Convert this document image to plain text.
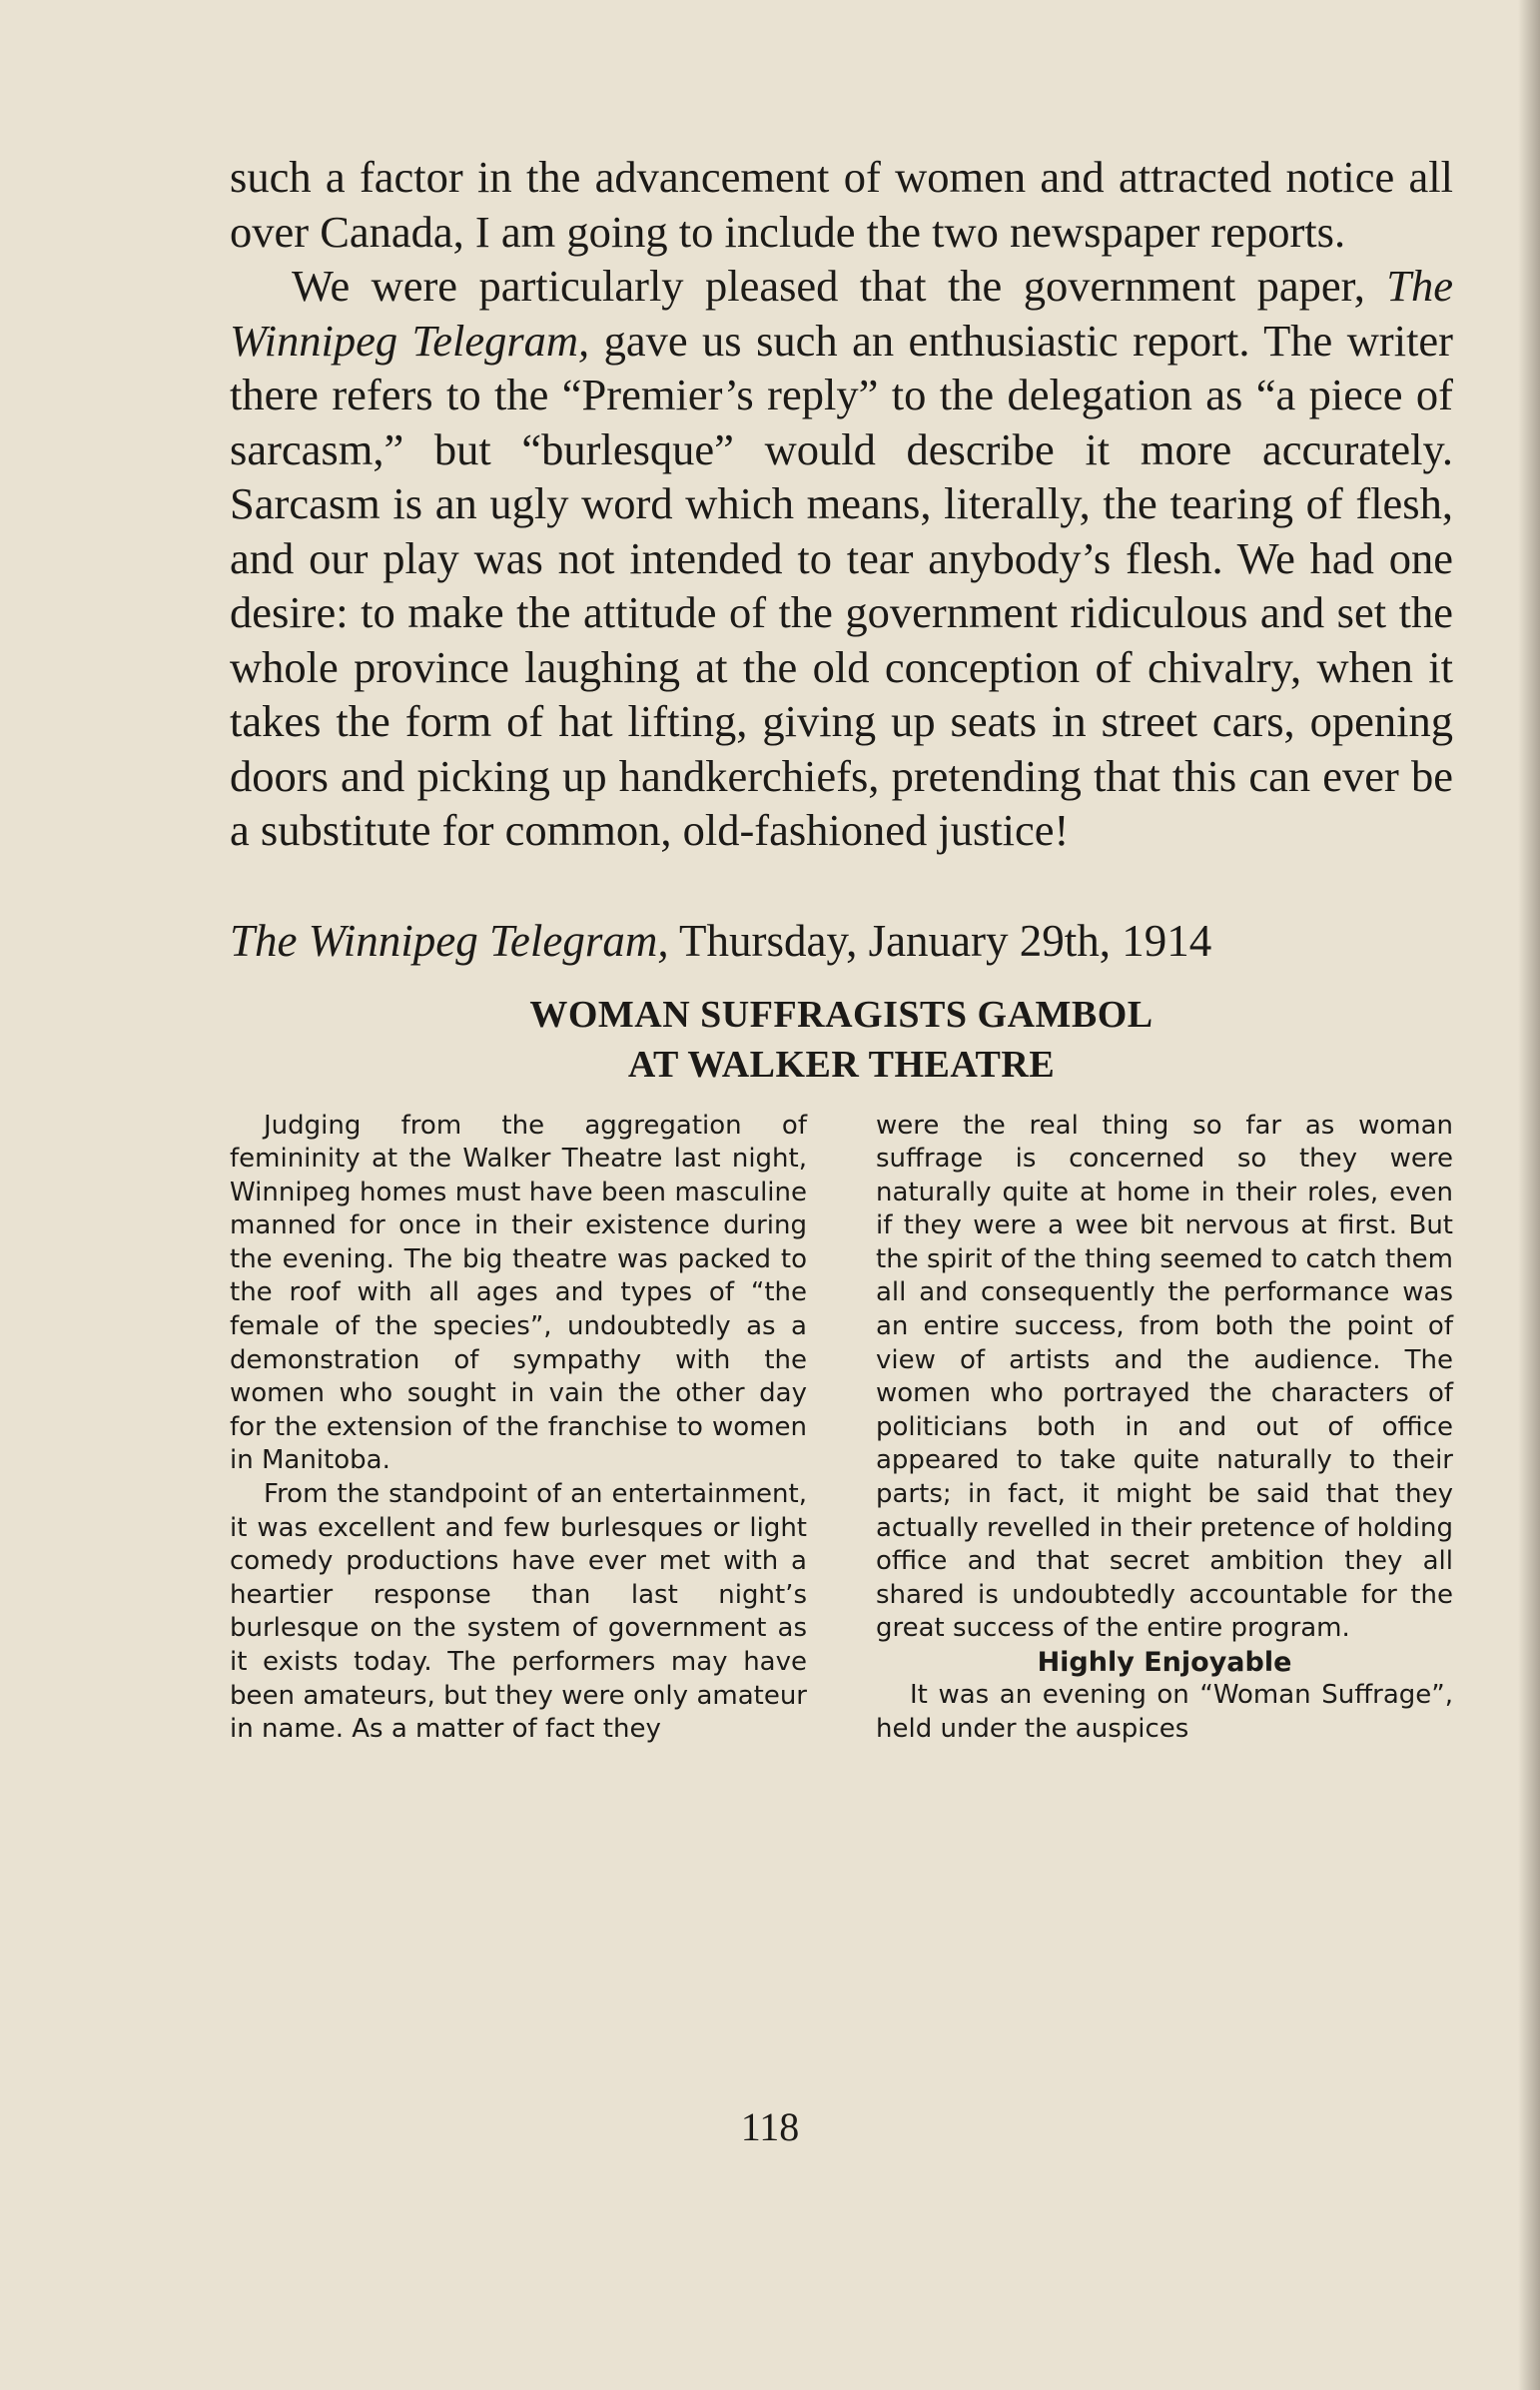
such a factor in the advancement of women and attracted notice all over Canada, I am going to include the two newspaper reports.

We were particularly pleased that the government paper, The Winnipeg Telegram, gave us such an enthusiastic report. The writer there refers to the “Premier’s reply” to the delegation as “a piece of sarcasm,” but “burlesque” would describe it more accurately. Sarcasm is an ugly word which means, literally, the tearing of flesh, and our play was not intended to tear anybody’s flesh. We had one desire: to make the attitude of the government ridiculous and set the whole province laughing at the old conception of chivalry, when it takes the form of hat lifting, giving up seats in street cars, opening doors and picking up handkerchiefs, pretending that this can ever be a substitute for common, old-fashioned justice!

The Winnipeg Telegram, Thursday, January 29th, 1914
WOMAN SUFFRAGISTS GAMBOL
AT WALKER THEATRE

Judging from the aggregation of femininity at the Walker Theatre last night, Winnipeg homes must have been masculine manned for once in their existence during the evening. The big theatre was packed to the roof with all ages and types of “the female of the species”, undoubtedly as a demonstration of sympathy with the women who sought in vain the other day for the extension of the franchise to women in Manitoba.

From the standpoint of an entertainment, it was excellent and few burlesques or light comedy productions have ever met with a heartier response than last night’s burlesque on the system of government as it exists today. The performers may have been amateurs, but they were only amateur in name. As a matter of fact they

were the real thing so far as woman suffrage is concerned so they were naturally quite at home in their roles, even if they were a wee bit nervous at first. But the spirit of the thing seemed to catch them all and consequently the performance was an entire success, from both the point of view of artists and the audience. The women who portrayed the characters of politicians both in and out of office appeared to take quite naturally to their parts; in fact, it might be said that they actually revelled in their pretence of holding office and that secret ambition they all shared is undoubtedly accountable for the great success of the entire program.

Highly Enjoyable

It was an evening on “Woman Suffrage”, held under the auspices

118
